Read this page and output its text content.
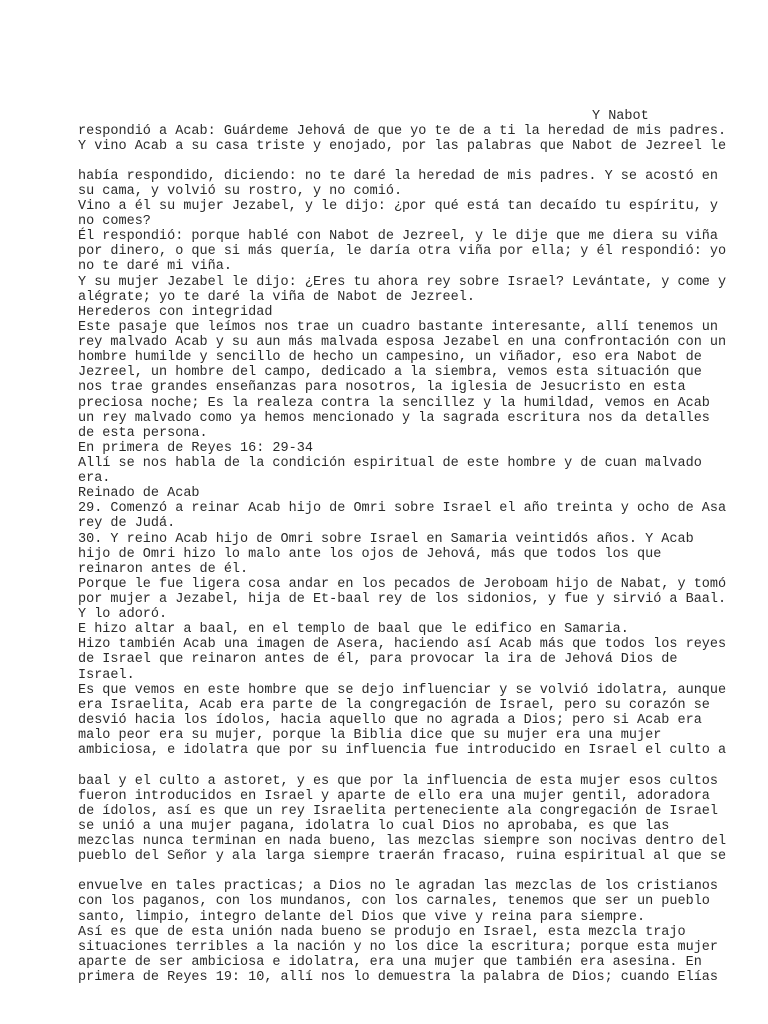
Y Nabot
respondió a Acab: Guárdeme Jehová de que yo te de a ti la heredad de mis padres.
Y vino Acab a su casa triste y enojado, por las palabras que Nabot de Jezreel le
había respondido, diciendo: no te daré la heredad de mis padres. Y se acostó en
su cama, y volvió su rostro, y no comió.
Vino a él su mujer Jezabel, y le dijo: ¿por qué está tan decaído tu espíritu, y
no comes?
Él respondió: porque hablé con Nabot de Jezreel, y le dije que me diera su viña
por dinero, o que si más quería, le daría otra viña por ella; y él respondió: yo
no te daré mi viña.
Y su mujer Jezabel le dijo: ¿Eres tu ahora rey sobre Israel? Levántate, y come y
alégrate; yo te daré la viña de Nabot de Jezreel.
Herederos con integridad
Este pasaje que leímos nos trae un cuadro bastante interesante, allí tenemos un
rey malvado Acab y su aun más malvada esposa Jezabel en una confrontación con un
hombre humilde y sencillo de hecho un campesino, un viñador, eso era Nabot de
Jezreel, un hombre del campo, dedicado a la siembra, vemos esta situación que
nos trae grandes enseñanzas para nosotros, la iglesia de Jesucristo en esta
preciosa noche; Es la realeza contra la sencillez y la humildad, vemos en Acab
un rey malvado como ya hemos mencionado y la sagrada escritura nos da detalles
de esta persona.
En primera de Reyes 16: 29-34
Allí se nos habla de la condición espiritual de este hombre y de cuan malvado
era.
Reinado de Acab
29. Comenzó a reinar Acab hijo de Omri sobre Israel el año treinta y ocho de Asa
rey de Judá.
30. Y reino Acab hijo de Omri sobre Israel en Samaria veintidós años. Y Acab
hijo de Omri hizo lo malo ante los ojos de Jehová, más que todos los que
reinaron antes de él.
Porque le fue ligera cosa andar en los pecados de Jeroboam hijo de Nabat, y tomó
por mujer a Jezabel, hija de Et-baal rey de los sidonios, y fue y sirvió a Baal.
Y lo adoró.
E hizo altar a baal, en el templo de baal que le edifico en Samaria.
Hizo también Acab una imagen de Asera, haciendo así Acab más que todos los reyes
de Israel que reinaron antes de él, para provocar la ira de Jehová Dios de
Israel.
Es que vemos en este hombre que se dejo influenciar y se volvió idolatra, aunque
era Israelita, Acab era parte de la congregación de Israel, pero su corazón se
desvió hacia los ídolos, hacia aquello que no agrada a Dios; pero si Acab era
malo peor era su mujer, porque la Biblia dice que su mujer era una mujer
ambiciosa, e idolatra que por su influencia fue introducido en Israel el culto a
baal y el culto a astoret, y es que por la influencia de esta mujer esos cultos
fueron introducidos en Israel y aparte de ello era una mujer gentil, adoradora
de ídolos, así es que un rey Israelita perteneciente ala congregación de Israel
se unió a una mujer pagana, idolatra lo cual Dios no aprobaba, es que las
mezclas nunca terminan en nada bueno, las mezclas siempre son nocivas dentro del
pueblo del Señor y ala larga siempre traerán fracaso, ruina espiritual al que se
envuelve en tales practicas; a Dios no le agradan las mezclas de los cristianos
con los paganos, con los mundanos, con los carnales, tenemos que ser un pueblo
santo, limpio, integro delante del Dios que vive y reina para siempre.
Así es que de esta unión nada bueno se produjo en Israel, esta mezcla trajo
situaciones terribles a la nación y no los dice la escritura; porque esta mujer
aparte de ser ambiciosa e idolatra, era una mujer que también era asesina. En
primera de Reyes 19: 10, allí nos lo demuestra la palabra de Dios; cuando Elías
